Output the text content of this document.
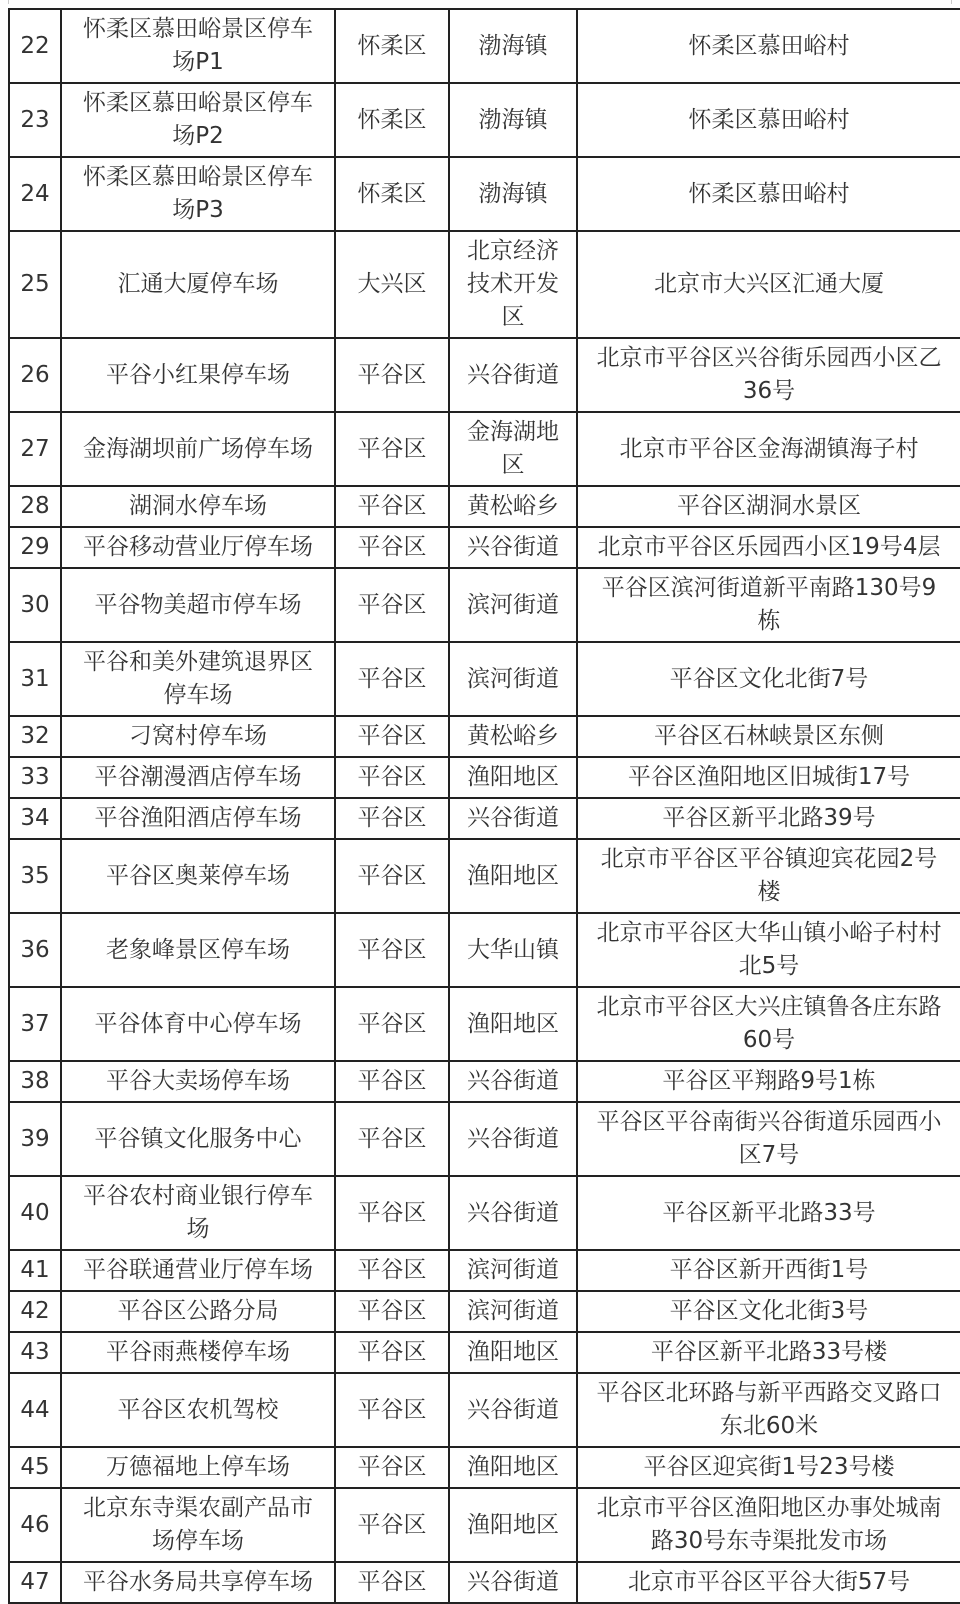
22	怀柔区慕田峪景区停车场P1	怀柔区	渤海镇	怀柔区慕田峪村
23	怀柔区慕田峪景区停车场P2	怀柔区	渤海镇	怀柔区慕田峪村
24	怀柔区慕田峪景区停车场P3	怀柔区	渤海镇	怀柔区慕田峪村
25	汇通大厦停车场	大兴区	北京经济技术开发区	北京市大兴区汇通大厦
26	平谷小红果停车场	平谷区	兴谷街道	北京市平谷区兴谷街乐园西小区乙36号
27	金海湖坝前广场停车场	平谷区	金海湖地区	北京市平谷区金海湖镇海子村
28	湖洞水停车场	平谷区	黄松峪乡	平谷区湖洞水景区
29	平谷移动营业厅停车场	平谷区	兴谷街道	北京市平谷区乐园西小区19号4层
30	平谷物美超市停车场	平谷区	滨河街道	平谷区滨河街道新平南路130号9栋
31	平谷和美外建筑退界区停车场	平谷区	滨河街道	平谷区文化北街7号
32	刁窝村停车场	平谷区	黄松峪乡	平谷区石林峡景区东侧
33	平谷潮漫酒店停车场	平谷区	渔阳地区	平谷区渔阳地区旧城街17号
34	平谷渔阳酒店停车场	平谷区	兴谷街道	平谷区新平北路39号
35	平谷区奥莱停车场	平谷区	渔阳地区	北京市平谷区平谷镇迎宾花园2号楼
36	老象峰景区停车场	平谷区	大华山镇	北京市平谷区大华山镇小峪子村村北5号
37	平谷体育中心停车场	平谷区	渔阳地区	北京市平谷区大兴庄镇鲁各庄东路60号
38	平谷大卖场停车场	平谷区	兴谷街道	平谷区平翔路9号1栋
39	平谷镇文化服务中心	平谷区	兴谷街道	平谷区平谷南街兴谷街道乐园西小区7号
40	平谷农村商业银行停车场	平谷区	兴谷街道	平谷区新平北路33号
41	平谷联通营业厅停车场	平谷区	滨河街道	平谷区新开西街1号
42	平谷区公路分局	平谷区	滨河街道	平谷区文化北街3号
43	平谷雨燕楼停车场	平谷区	渔阳地区	平谷区新平北路33号楼
44	平谷区农机驾校	平谷区	兴谷街道	平谷区北环路与新平西路交叉路口东北60米
45	万德福地上停车场	平谷区	渔阳地区	平谷区迎宾街1号23号楼
46	北京东寺渠农副产品市场停车场	平谷区	渔阳地区	北京市平谷区渔阳地区办事处城南路30号东寺渠批发市场
47	平谷水务局共享停车场	平谷区	兴谷街道	北京市平谷区平谷大街57号
